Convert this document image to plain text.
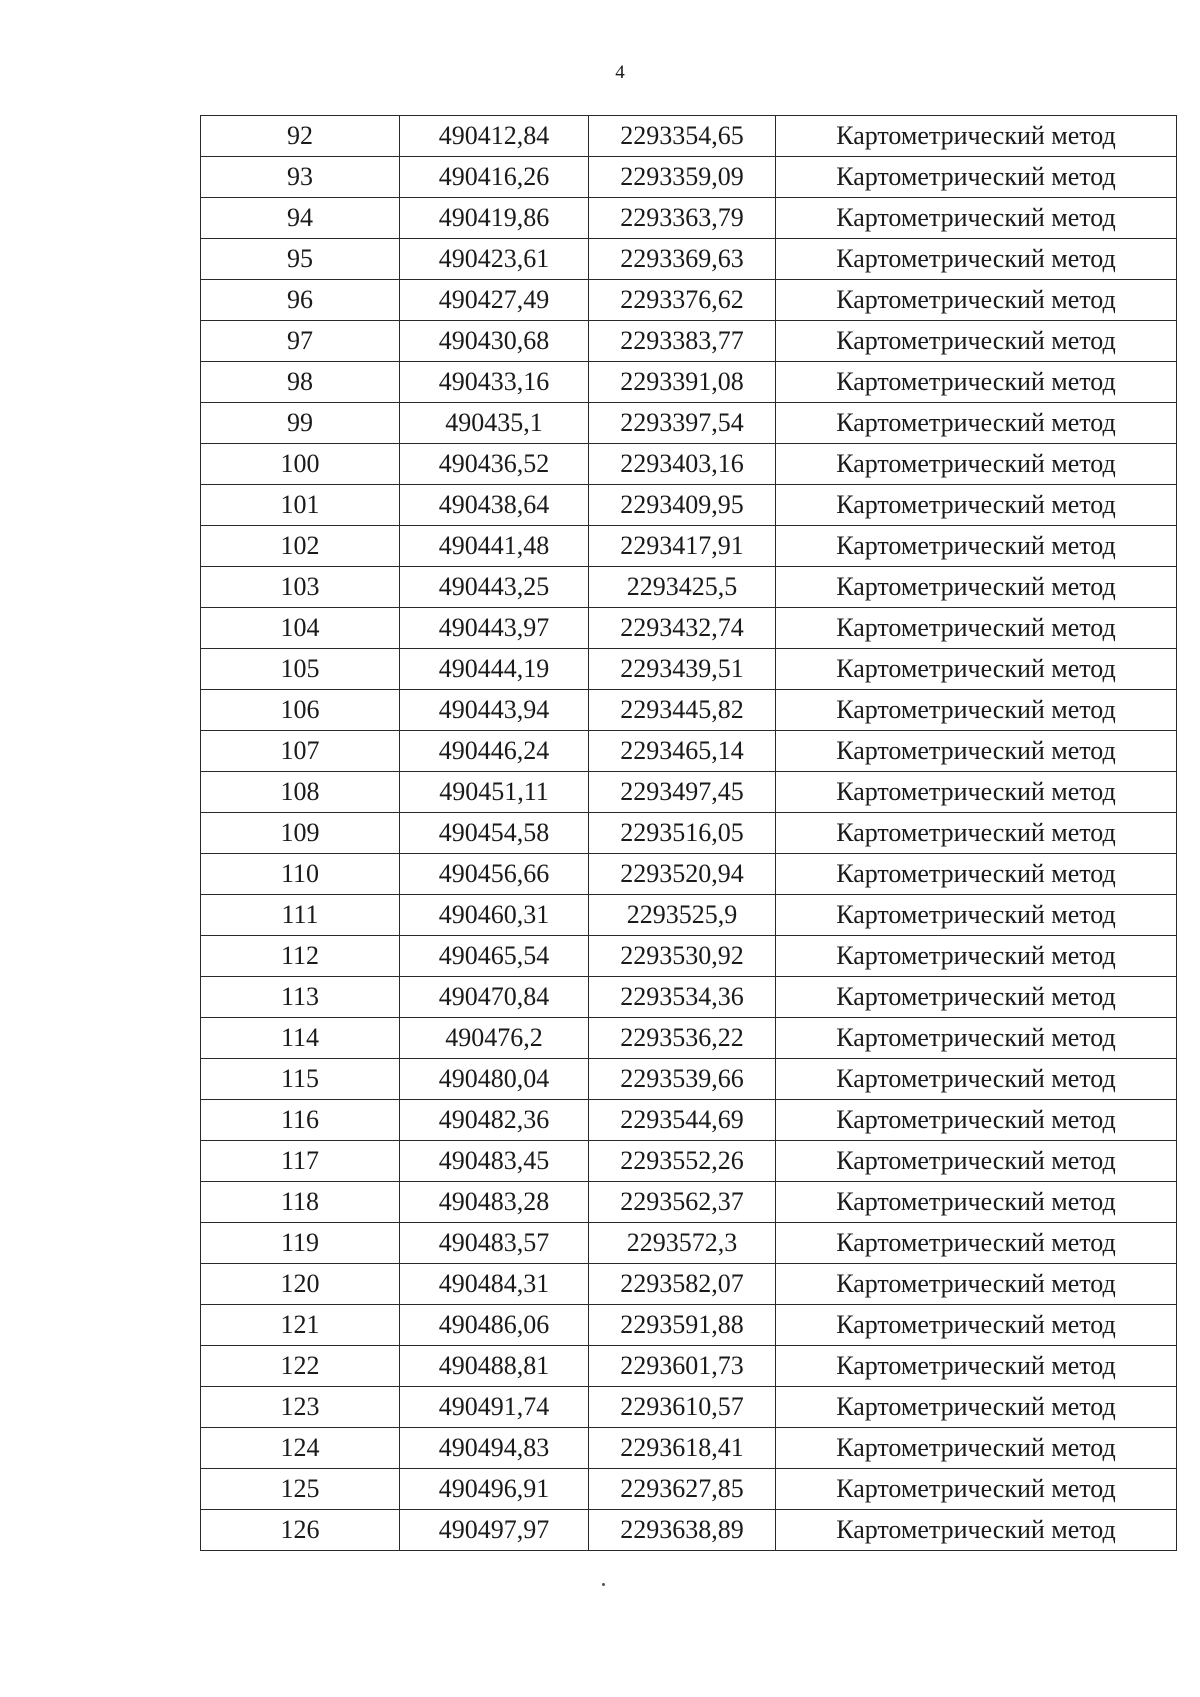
4
92	490412,84	2293354,65	Картометрический метод
93	490416,26	2293359,09	Картометрический метод
94	490419,86	2293363,79	Картометрический метод
95	490423,61	2293369,63	Картометрический метод
96	490427,49	2293376,62	Картометрический метод
97	490430,68	2293383,77	Картометрический метод
98	490433,16	2293391,08	Картометрический метод
99	490435,1	2293397,54	Картометрический метод
100	490436,52	2293403,16	Картометрический метод
101	490438,64	2293409,95	Картометрический метод
102	490441,48	2293417,91	Картометрический метод
103	490443,25	2293425,5	Картометрический метод
104	490443,97	2293432,74	Картометрический метод
105	490444,19	2293439,51	Картометрический метод
106	490443,94	2293445,82	Картометрический метод
107	490446,24	2293465,14	Картометрический метод
108	490451,11	2293497,45	Картометрический метод
109	490454,58	2293516,05	Картометрический метод
110	490456,66	2293520,94	Картометрический метод
111	490460,31	2293525,9	Картометрический метод
112	490465,54	2293530,92	Картометрический метод
113	490470,84	2293534,36	Картометрический метод
114	490476,2	2293536,22	Картометрический метод
115	490480,04	2293539,66	Картометрический метод
116	490482,36	2293544,69	Картометрический метод
117	490483,45	2293552,26	Картометрический метод
118	490483,28	2293562,37	Картометрический метод
119	490483,57	2293572,3	Картометрический метод
120	490484,31	2293582,07	Картометрический метод
121	490486,06	2293591,88	Картометрический метод
122	490488,81	2293601,73	Картометрический метод
123	490491,74	2293610,57	Картометрический метод
124	490494,83	2293618,41	Картометрический метод
125	490496,91	2293627,85	Картометрический метод
126	490497,97	2293638,89	Картометрический метод
